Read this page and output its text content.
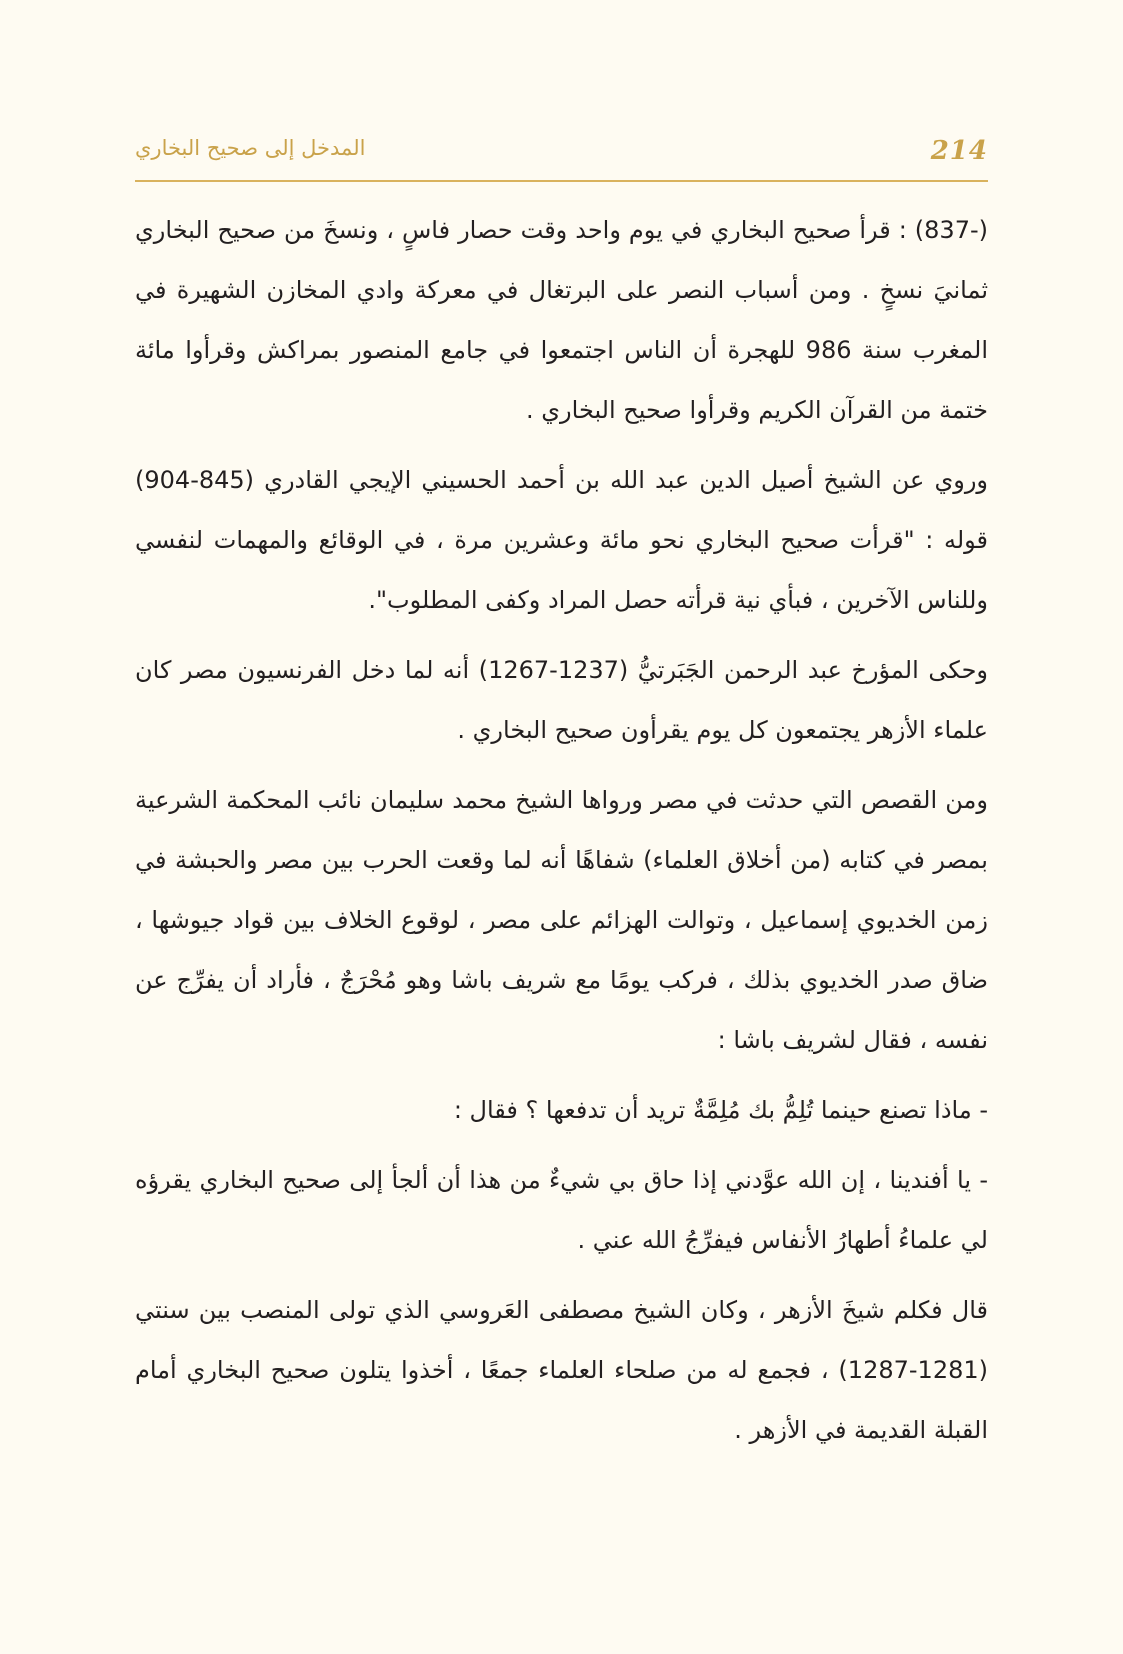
214
المدخل إلى صحيح البخاري

(-837) : قرأ صحيح البخاري في يوم واحد وقت حصار فاسٍ ، ونسخَ من صحيح البخاري ثمانيَ نسخٍ . ومن أسباب النصر على البرتغال في معركة وادي المخازن الشهيرة في المغرب سنة 986 للهجرة أن الناس اجتمعوا في جامع المنصور بمراكش وقرأوا مائة ختمة من القرآن الكريم وقرأوا صحيح البخاري .

وروي عن الشيخ أصيل الدين عبد الله بن أحمد الحسيني الإيجي القادري (845-904) قوله : "قرأت صحيح البخاري نحو مائة وعشرين مرة ، في الوقائع والمهمات لنفسي وللناس الآخرين ، فبأي نية قرأته حصل المراد وكفى المطلوب".

وحكى المؤرخ عبد الرحمن الجَبَرتيُّ (1237-1267) أنه لما دخل الفرنسيون مصر كان علماء الأزهر يجتمعون كل يوم يقرأون صحيح البخاري .

ومن القصص التي حدثت في مصر ورواها الشيخ محمد سليمان نائب المحكمة الشرعية بمصر في كتابه (من أخلاق العلماء) شفاهًا أنه لما وقعت الحرب بين مصر والحبشة في زمن الخديوي إسماعيل ، وتوالت الهزائم على مصر ، لوقوع الخلاف بين قواد جيوشها ، ضاق صدر الخديوي بذلك ، فركب يومًا مع شريف باشا وهو مُحْرَجٌ ، فأراد أن يفرِّج عن نفسه ، فقال لشريف باشا :

- ماذا تصنع حينما تُلِمُّ بك مُلِمَّةٌ تريد أن تدفعها ؟ فقال :

- يا أفندينا ، إن الله عوَّدني إذا حاق بي شيءٌ من هذا أن ألجأ إلى صحيح البخاري يقرؤه لي علماءُ أطهارُ الأنفاس فيفرِّجُ الله عني .

قال فكلم شيخَ الأزهر ، وكان الشيخ مصطفى العَروسي الذي تولى المنصب بين سنتي (1281-1287) ، فجمع له من صلحاء العلماء جمعًا ، أخذوا يتلون صحيح البخاري أمام القبلة القديمة في الأزهر .
